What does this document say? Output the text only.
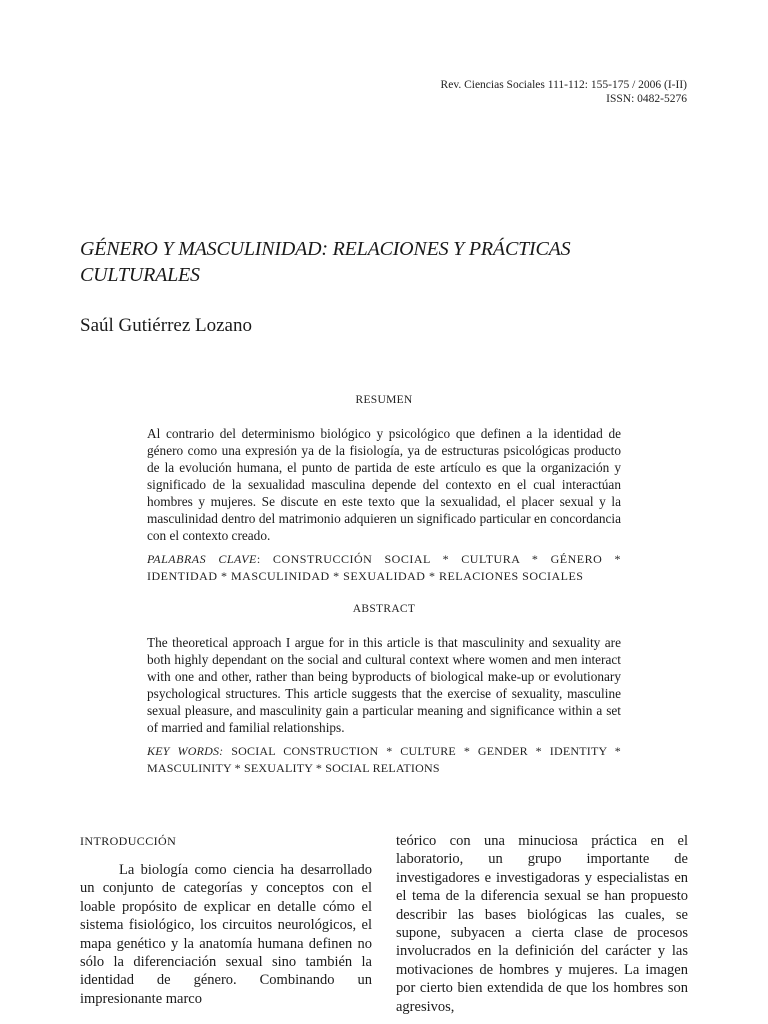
Rev. Ciencias Sociales 111-112: 155-175 / 2006 (I-II)
ISSN: 0482-5276
GÉNERO Y MASCULINIDAD: RELACIONES Y PRÁCTICAS
CULTURALES
Saúl Gutiérrez Lozano
RESUMEN
Al contrario del determinismo biológico y psicológico que definen a la identidad de género como una expresión ya de la fisiología, ya de estructuras psicológicas producto de la evolución humana, el punto de partida de este artículo es que la organización y significado de la sexualidad masculina depende del contexto en el cual interactúan hombres y mujeres. Se discute en este texto que la sexualidad, el placer sexual y la masculinidad dentro del matrimonio adquieren un significado particular en concordancia con el contexto creado.
PALABRAS CLAVE: CONSTRUCCIÓN SOCIAL * CULTURA * GÉNERO * IDENTIDAD * MASCULINIDAD * SEXUALIDAD * RELACIONES SOCIALES
ABSTRACT
The theoretical approach I argue for in this article is that masculinity and sexuality are both highly dependant on the social and cultural context where women and men interact with one and other, rather than being byproducts of biological make-up or evolutionary psychological structures. This article suggests that the exercise of sexuality, masculine sexual pleasure, and masculinity gain a particular meaning and significance within a set of married and familial relationships.
KEY WORDS: SOCIAL CONSTRUCTION * CULTURE * GENDER * IDENTITY * MASCULINITY * SEXUALITY * SOCIAL RELATIONS
INTRODUCCIÓN
La biología como ciencia ha desarrollado un conjunto de categorías y conceptos con el loable propósito de explicar en detalle cómo el sistema fisiológico, los circuitos neurológicos, el mapa genético y la anatomía humana definen no sólo la diferenciación sexual sino también la identidad de género. Combinando un impresionante marco
teórico con una minuciosa práctica en el laboratorio, un grupo importante de investigadores e investigadoras y especialistas en el tema de la diferencia sexual se han propuesto describir las bases biológicas las cuales, se supone, subyacen a cierta clase de procesos involucrados en la definición del carácter y las motivaciones de hombres y mujeres. La imagen por cierto bien extendida de que los hombres son agresivos,
